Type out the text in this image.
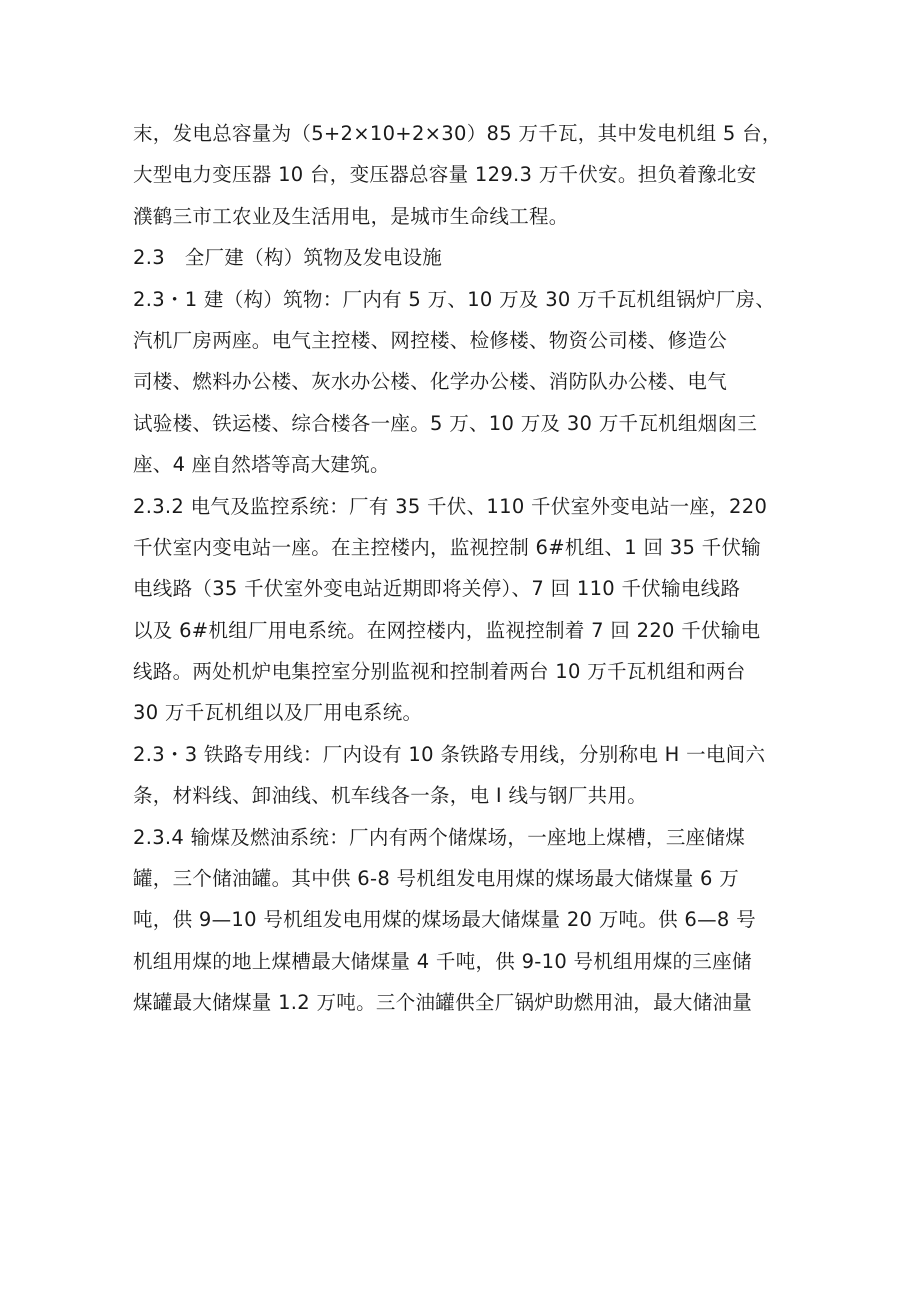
末，发电总容量为（5+2×10+2×30）85 万千瓦，其中发电机组 5 台，
大型电力变压器 10 台，变压器总容量 129.3 万千伏安。担负着豫北安
濮鹤三市工农业及生活用电，是城市生命线工程。
2.3　全厂建（构）筑物及发电设施
2.3・1 建（构）筑物：厂内有 5 万、10 万及 30 万千瓦机组锅炉厂房、
汽机厂房两座。电气主控楼、网控楼、检修楼、物资公司楼、修造公
司楼、燃料办公楼、灰水办公楼、化学办公楼、消防队办公楼、电气
试验楼、铁运楼、综合楼各一座。5 万、10 万及 30 万千瓦机组烟囱三
座、4 座自然塔等高大建筑。
2.3.2 电气及监控系统：厂有 35 千伏、110 千伏室外变电站一座，220
千伏室内变电站一座。在主控楼内，监视控制 6#机组、1 回 35 千伏输
电线路（35 千伏室外变电站近期即将关停）、7 回 110 千伏输电线路
以及 6#机组厂用电系统。在网控楼内，监视控制着 7 回 220 千伏输电
线路。两处机炉电集控室分别监视和控制着两台 10 万千瓦机组和两台
30 万千瓦机组以及厂用电系统。
2.3・3 铁路专用线：厂内设有 10 条铁路专用线，分别称电 H 一电间六
条，材料线、卸油线、机车线各一条，电 I 线与钢厂共用。
2.3.4 输煤及燃油系统：厂内有两个储煤场，一座地上煤槽，三座储煤
罐，三个储油罐。其中供 6-8 号机组发电用煤的煤场最大储煤量 6 万
吨，供 9—10 号机组发电用煤的煤场最大储煤量 20 万吨。供 6—8 号
机组用煤的地上煤槽最大储煤量 4 千吨，供 9-10 号机组用煤的三座储
煤罐最大储煤量 1.2 万吨。三个油罐供全厂锅炉助燃用油，最大储油量
